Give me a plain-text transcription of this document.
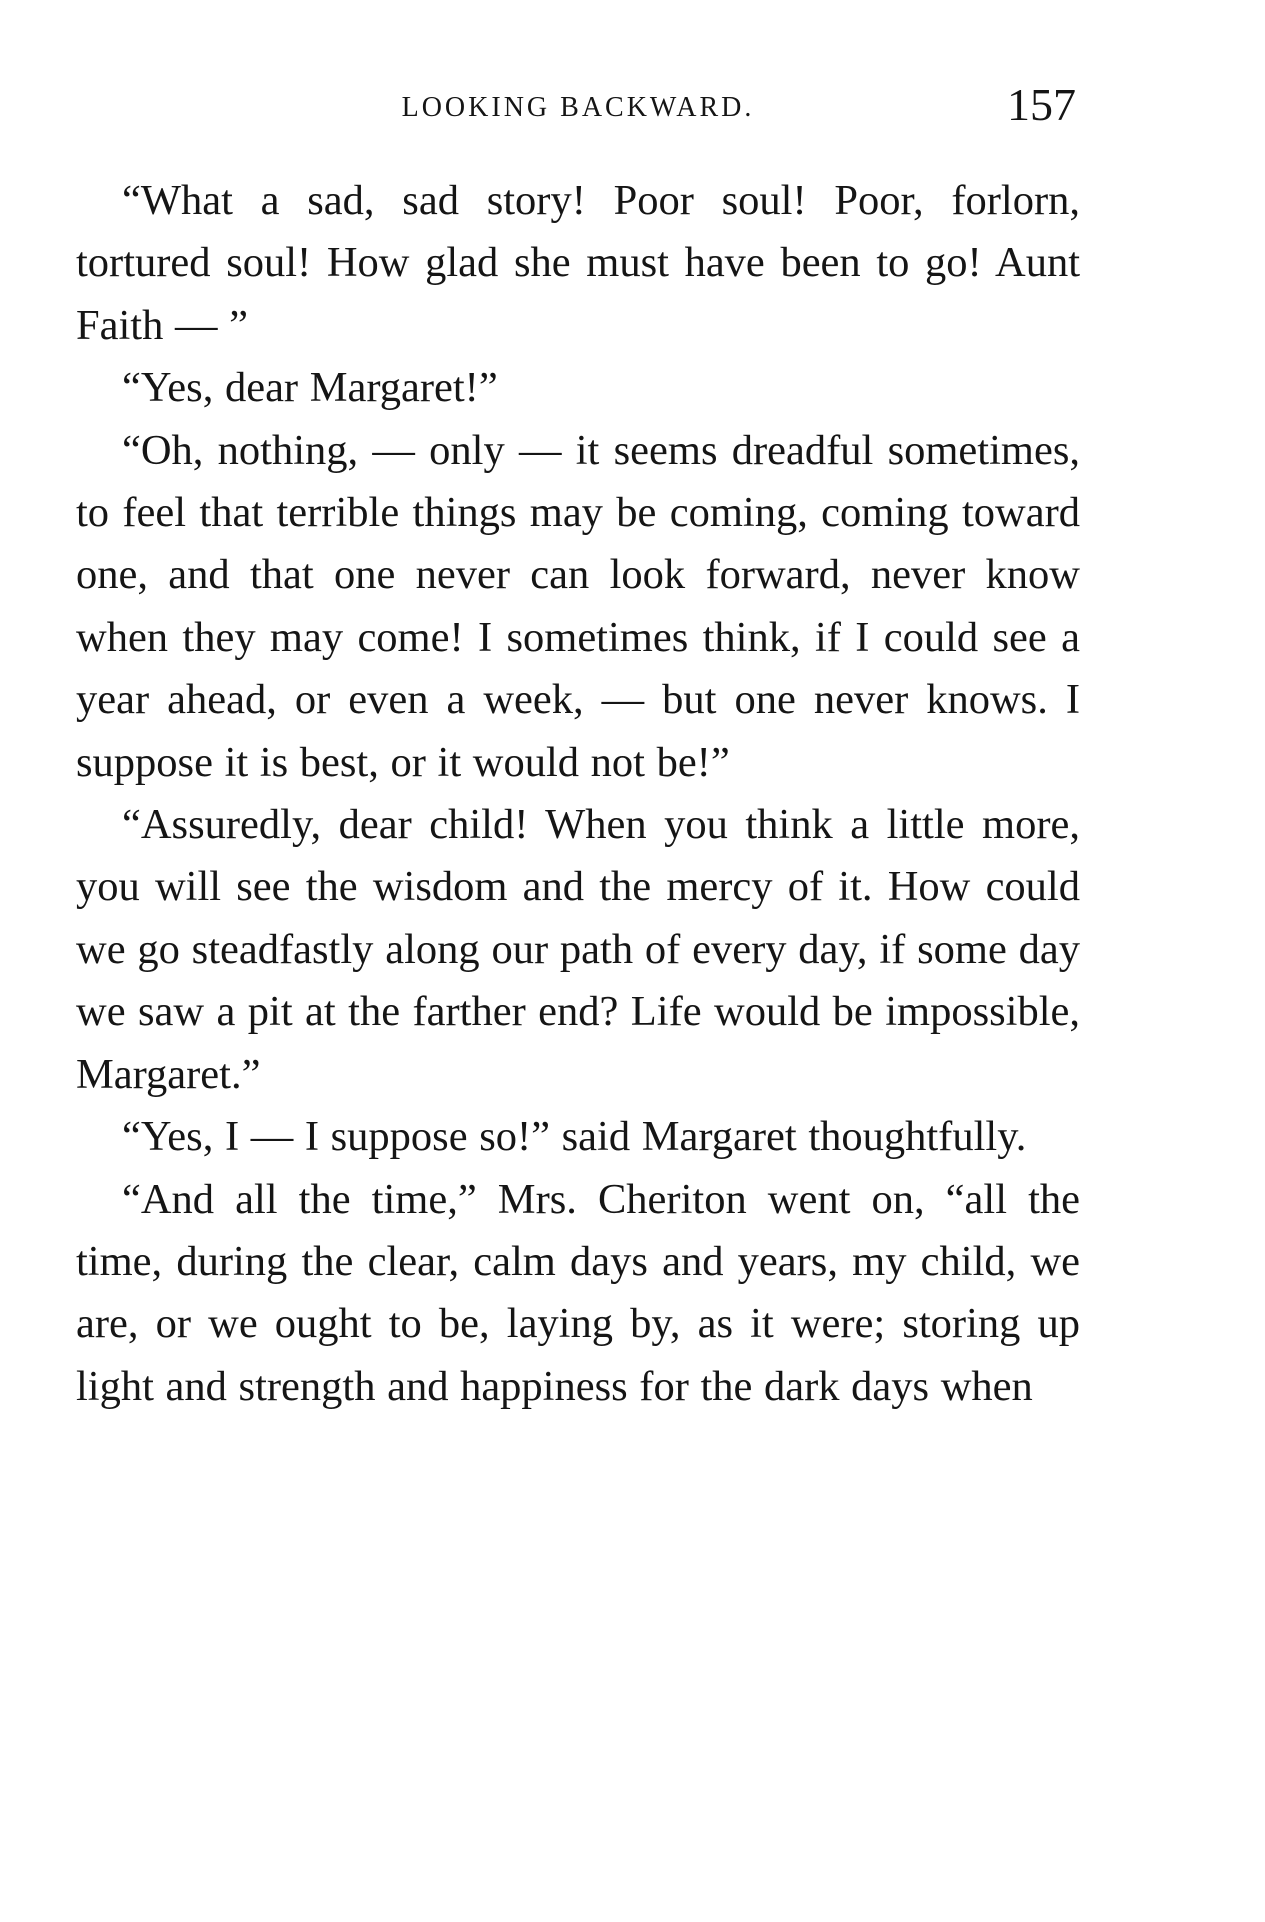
LOOKING BACKWARD.	157

“What a sad, sad story! Poor soul! Poor, forlorn, tortured soul! How glad she must have been to go! Aunt Faith — ”

“Yes, dear Margaret!”

“Oh, nothing, — only — it seems dreadful sometimes, to feel that terrible things may be coming, coming toward one, and that one never can look forward, never know when they may come! I sometimes think, if I could see a year ahead, or even a week, — but one never knows. I suppose it is best, or it would not be!”

“Assuredly, dear child! When you think a little more, you will see the wisdom and the mercy of it. How could we go steadfastly along our path of every day, if some day we saw a pit at the farther end? Life would be impossible, Margaret.”

“Yes, I — I suppose so!” said Margaret thoughtfully.

“And all the time,” Mrs. Cheriton went on, “all the time, during the clear, calm days and years, my child, we are, or we ought to be, laying by, as it were; storing up light and strength and happiness for the dark days when
